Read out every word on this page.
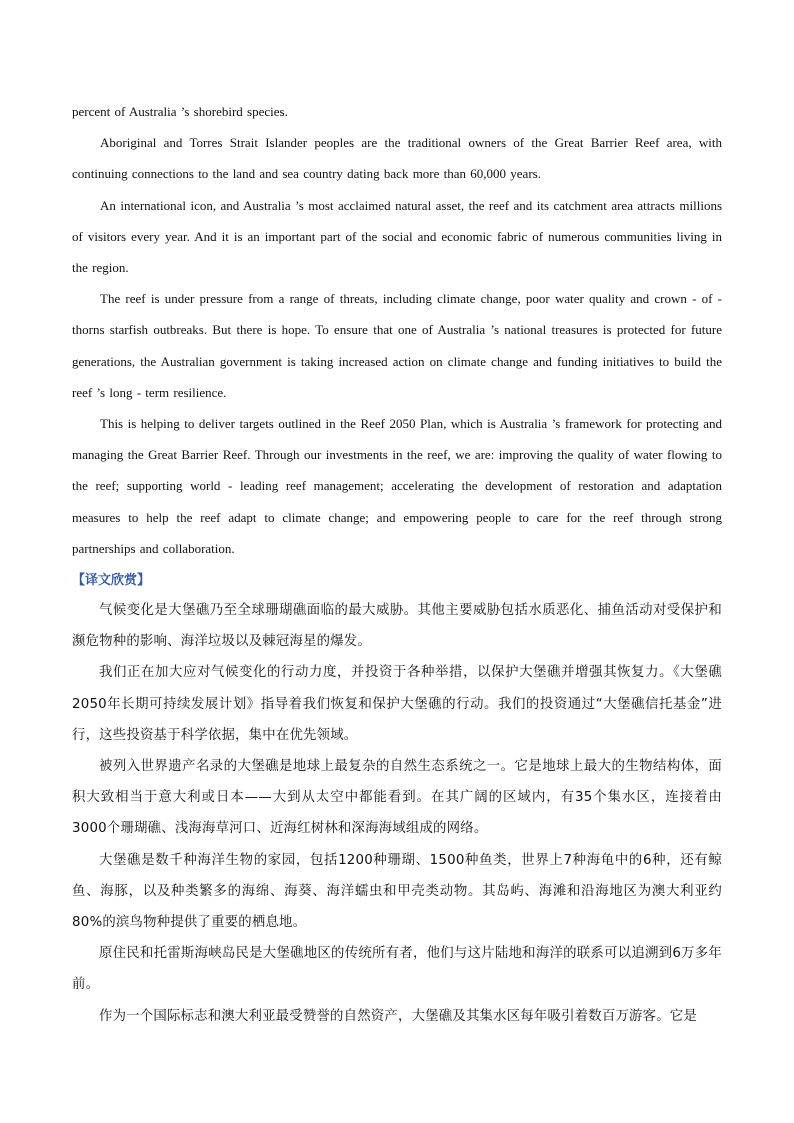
percent of Australia ’s shorebird species.

Aboriginal and Torres Strait Islander peoples are the traditional owners of the Great Barrier Reef area, with continuing connections to the land and sea country dating back more than 60,000 years.

An international icon, and Australia ’s most acclaimed natural asset, the reef and its catchment area attracts millions of visitors every year. And it is an important part of the social and economic fabric of numerous communities living in the region.

The reef is under pressure from a range of threats, including climate change, poor water quality and crown - of - thorns starfish outbreaks. But there is hope. To ensure that one of Australia ’s national treasures is protected for future generations, the Australian government is taking increased action on climate change and funding initiatives to build the reef ’s long - term resilience.

This is helping to deliver targets outlined in the Reef 2050 Plan, which is Australia ’s framework for protecting and managing the Great Barrier Reef. Through our investments in the reef, we are: improving the quality of water flowing to the reef; supporting world - leading reef management; accelerating the development of restoration and adaptation measures to help the reef adapt to climate change; and empowering people to care for the reef through strong partnerships and collaboration.

【译文欣赏】

气候变化是大堡礁乃至全球珊瑚礁面临的最大威胁。其他主要威胁包括水质恶化、捕鱼活动对受保护和濒危物种的影响、海洋垃圾以及棘冠海星的爆发。

我们正在加大应对气候变化的行动力度，并投资于各种举措，以保护大堡礁并增强其恢复力。《大堡礁2050年长期可持续发展计划》指导着我们恢复和保护大堡礁的行动。我们的投资通过“大堡礁信托基金”进行，这些投资基于科学依据，集中在优先领域。

被列入世界遗产名录的大堡礁是地球上最复杂的自然生态系统之一。它是地球上最大的生物结构体，面积大致相当于意大利或日本——大到从太空中都能看到。在其广阔的区域内，有35个集水区，连接着由3000个珊瑚礁、浅海海草河口、近海红树林和深海海域组成的网络。

大堡礁是数千种海洋生物的家园，包括1200种珊瑚、1500种鱼类，世界上7种海龟中的6种，还有鲸鱼、海豚，以及种类繁多的海绵、海葵、海洋蠕虫和甲壳类动物。其岛屿、海滩和沿海地区为澳大利亚约80%的滨鸟物种提供了重要的栖息地。

原住民和托雷斯海峡岛民是大堡礁地区的传统所有者，他们与这片陆地和海洋的联系可以追溯到6万多年前。

作为一个国际标志和澳大利亚最受赞誉的自然资产，大堡礁及其集水区每年吸引着数百万游客。它是
